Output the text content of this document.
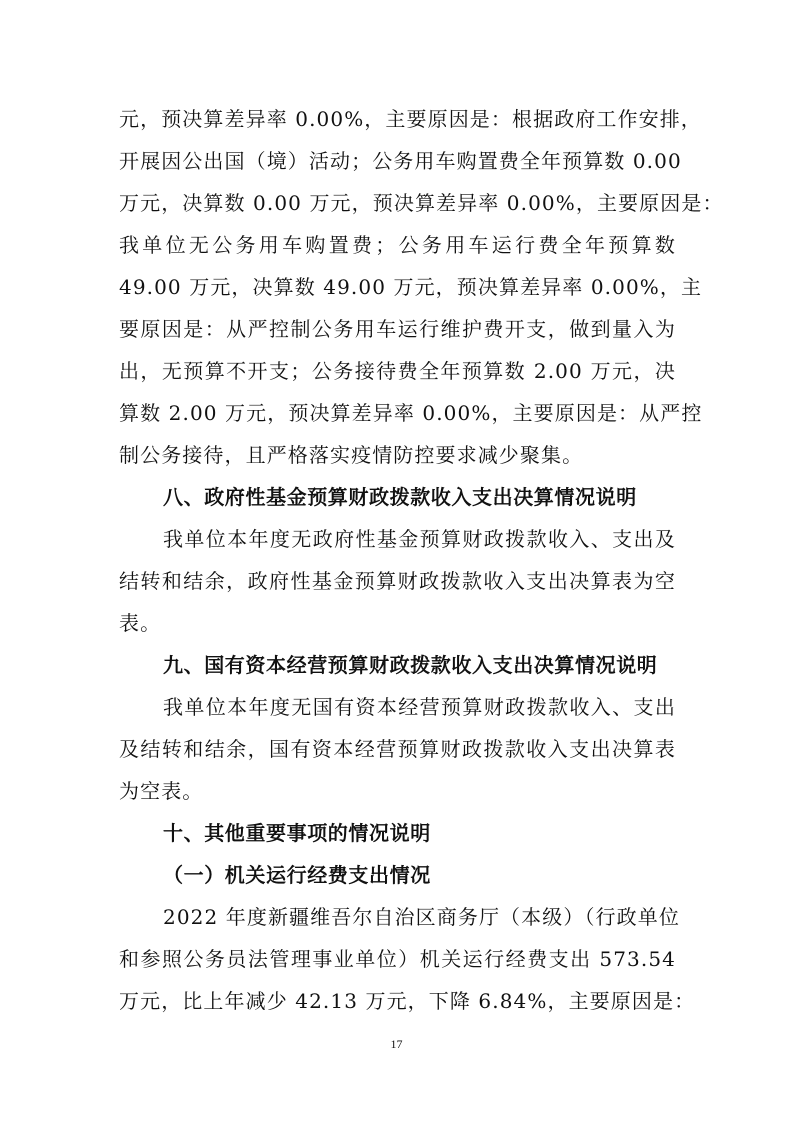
元，预决算差异率 0.00%，主要原因是：根据政府工作安排，
开展因公出国（境）活动；公务用车购置费全年预算数 0.00
万元，决算数 0.00 万元，预决算差异率 0.00%，主要原因是：
我单位无公务用车购置费；公务用车运行费全年预算数
49.00 万元，决算数 49.00 万元，预决算差异率 0.00%，主
要原因是：从严控制公务用车运行维护费开支，做到量入为
出，无预算不开支；公务接待费全年预算数 2.00 万元，决
算数 2.00 万元，预决算差异率 0.00%，主要原因是：从严控
制公务接待，且严格落实疫情防控要求减少聚集。
八、政府性基金预算财政拨款收入支出决算情况说明
我单位本年度无政府性基金预算财政拨款收入、支出及
结转和结余，政府性基金预算财政拨款收入支出决算表为空
表。
九、国有资本经营预算财政拨款收入支出决算情况说明
我单位本年度无国有资本经营预算财政拨款收入、支出
及结转和结余，国有资本经营预算财政拨款收入支出决算表
为空表。
十、其他重要事项的情况说明
（一）机关运行经费支出情况
2022 年度新疆维吾尔自治区商务厅（本级）（行政单位
和参照公务员法管理事业单位）机关运行经费支出 573.54
万元，比上年减少 42.13 万元，下降 6.84%，主要原因是：
17
